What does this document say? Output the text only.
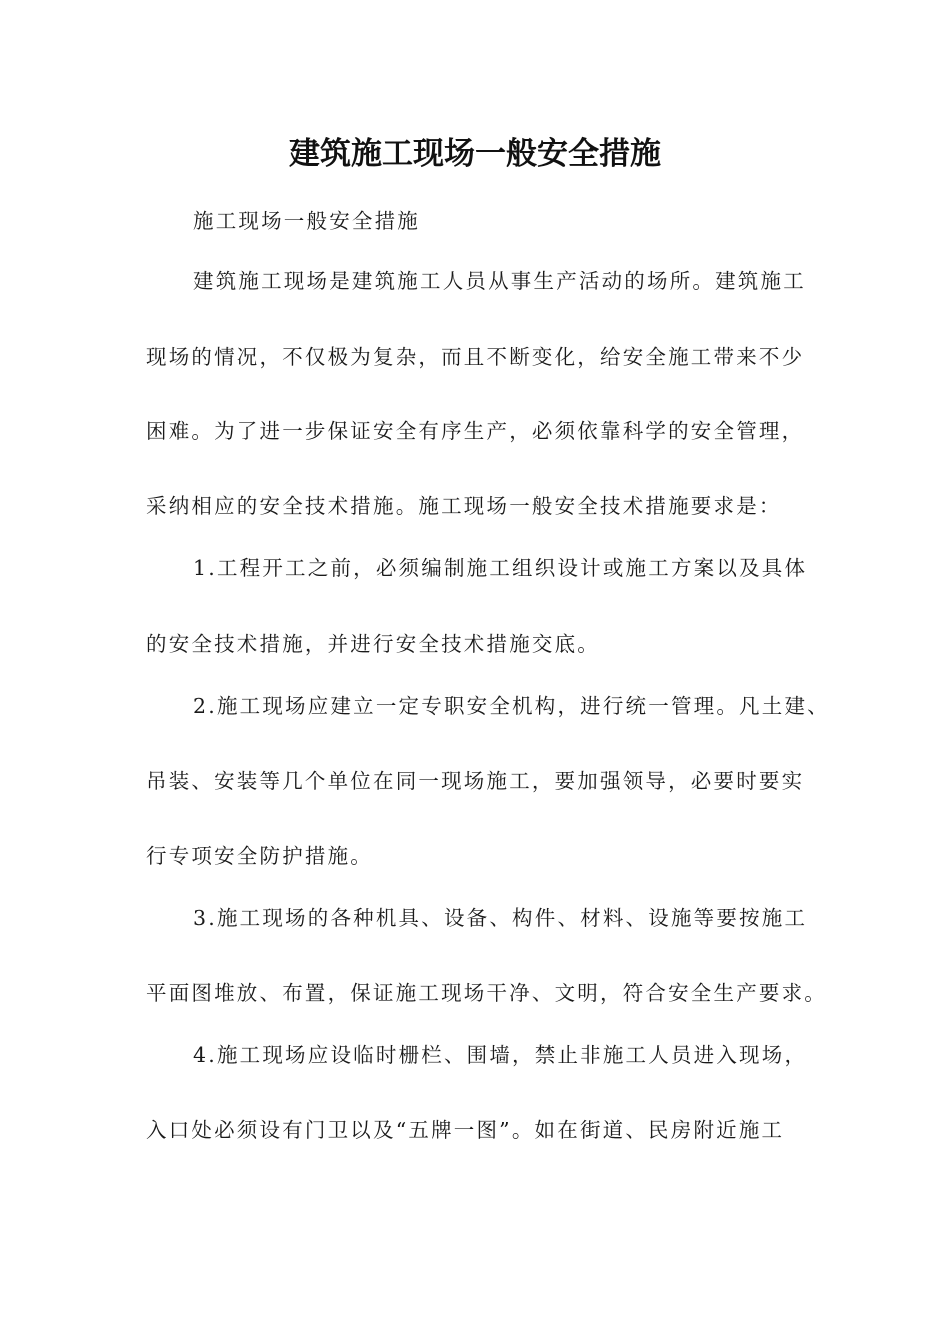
建筑施工现场一般安全措施

施工现场一般安全措施

建筑施工现场是建筑施工人员从事生产活动的场所。建筑施工

现场的情况，不仅极为复杂，而且不断变化，给安全施工带来不少

困难。为了进一步保证安全有序生产，必须依靠科学的安全管理，

采纳相应的安全技术措施。施工现场一般安全技术措施要求是：

1.工程开工之前，必须编制施工组织设计或施工方案以及具体

的安全技术措施，并进行安全技术措施交底。

2.施工现场应建立一定专职安全机构，进行统一管理。凡土建、

吊装、安装等几个单位在同一现场施工，要加强领导，必要时要实

行专项安全防护措施。

3.施工现场的各种机具、设备、构件、材料、设施等要按施工

平面图堆放、布置，保证施工现场干净、文明，符合安全生产要求。

4.施工现场应设临时栅栏、围墙，禁止非施工人员进入现场，

入口处必须设有门卫以及“五牌一图”。如在街道、民房附近施工
